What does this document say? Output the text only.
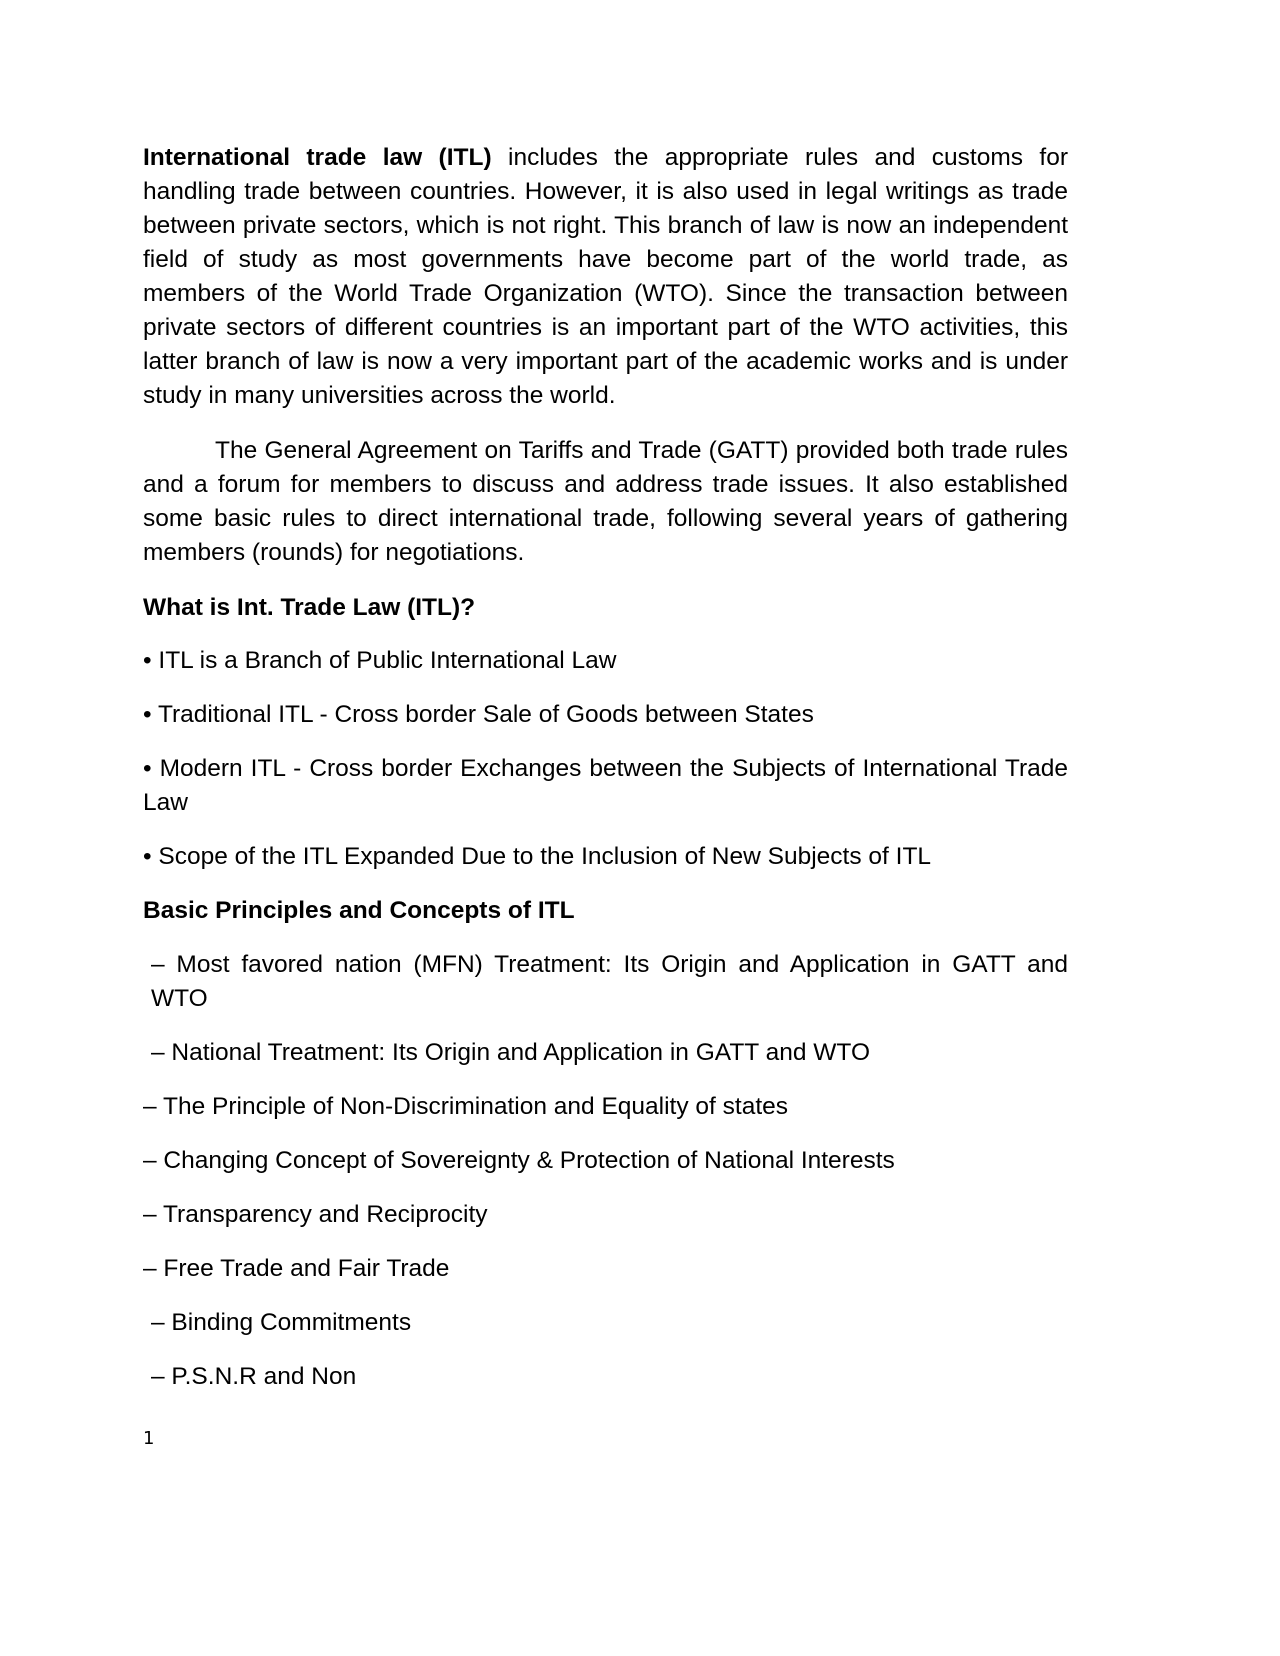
International trade law (ITL) includes the appropriate rules and customs for handling trade between countries. However, it is also used in legal writings as trade between private sectors, which is not right. This branch of law is now an independent field of study as most governments have become part of the world trade, as members of the World Trade Organization (WTO). Since the transaction between private sectors of different countries is an important part of the WTO activities, this latter branch of law is now a very important part of the academic works and is under study in many universities across the world.

The General Agreement on Tariffs and Trade (GATT) provided both trade rules and a forum for members to discuss and address trade issues. It also established some basic rules to direct international trade, following several years of gathering members (rounds) for negotiations.

What is Int. Trade Law (ITL)?
• ITL is a Branch of Public International Law
• Traditional ITL - Cross border Sale of Goods between States
• Modern ITL - Cross border Exchanges between the Subjects of International Trade Law
• Scope of the ITL Expanded Due to the Inclusion of New Subjects of ITL
Basic Principles and Concepts of ITL
– Most favored nation (MFN) Treatment: Its Origin and Application in GATT and WTO
– National Treatment: Its Origin and Application in GATT and WTO
– The Principle of Non-Discrimination and Equality of states
– Changing Concept of Sovereignty & Protection of National Interests
– Transparency and Reciprocity
– Free Trade and Fair Trade
– Binding Commitments
– P.S.N.R and Non
1
